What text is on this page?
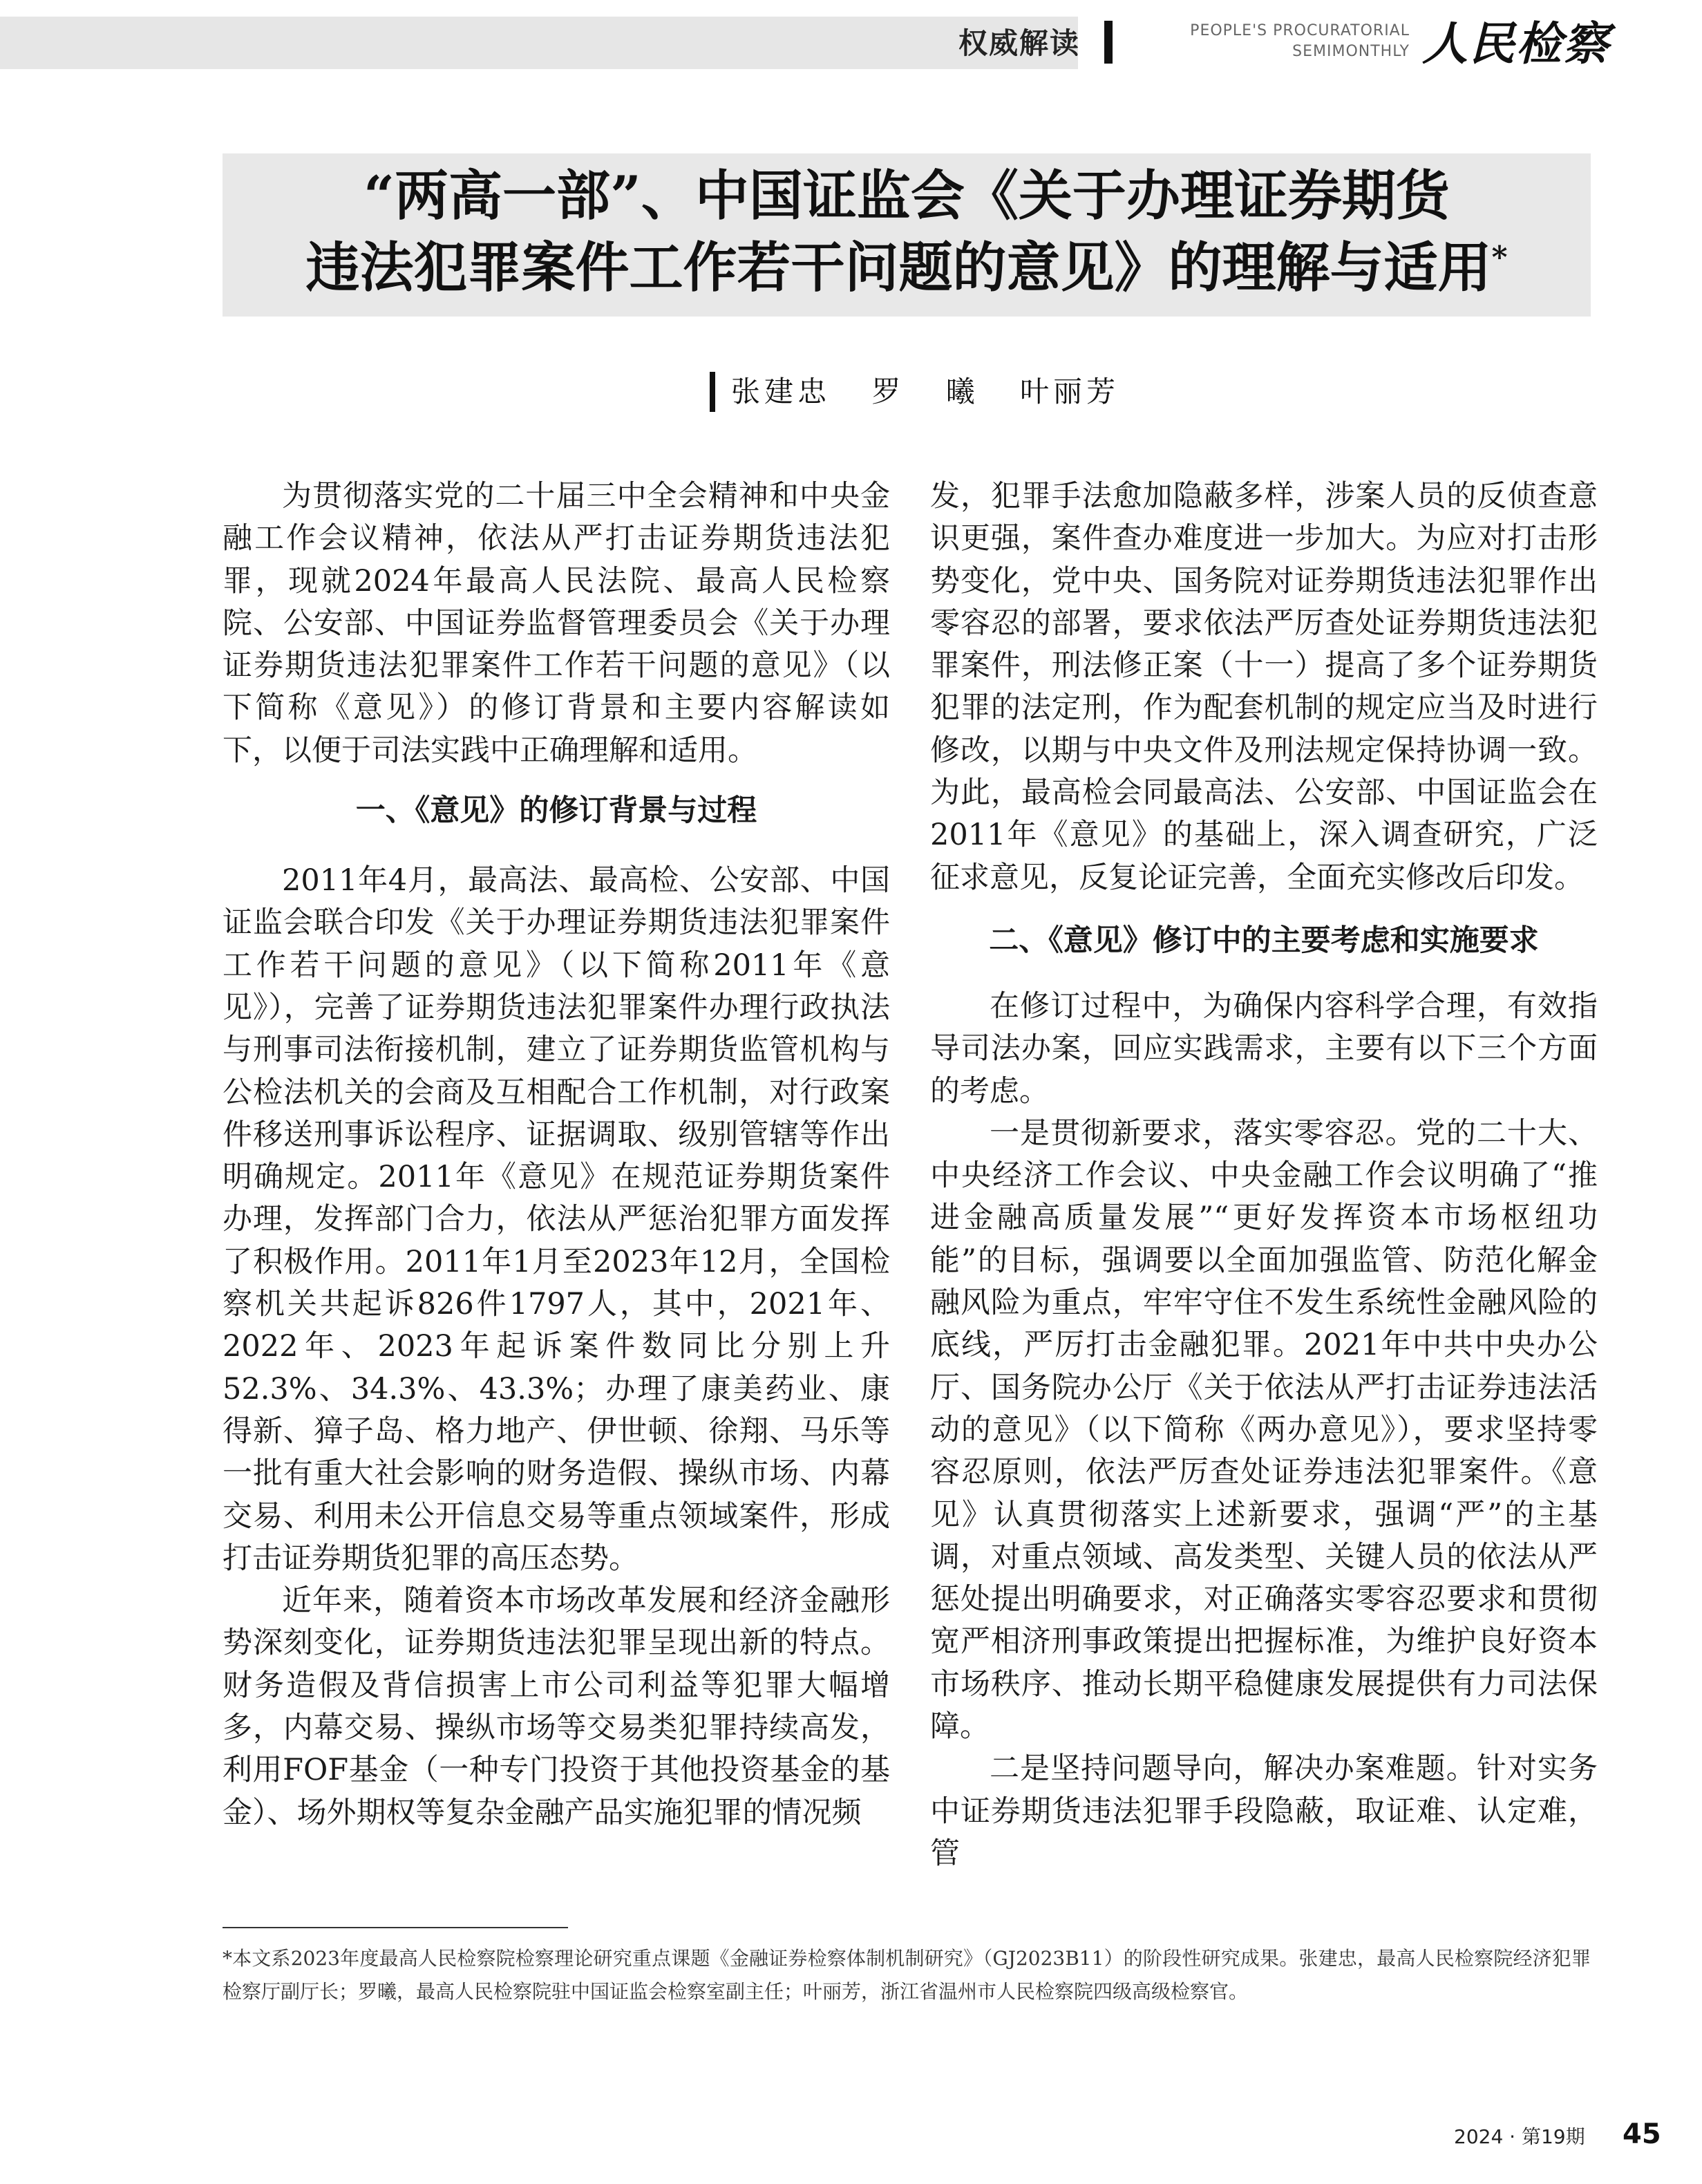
权威解读	PEOPLE'S PROCURATORIAL
SEMIMONTHLY 人民检察
“两高一部”、中国证监会《关于办理证券期货
违法犯罪案件工作若干问题的意见》的理解与适用*
张建忠 罗 曦 叶丽芳

为贯彻落实党的二十届三中全会精神和中央金融工作会议精神，依法从严打击证券期货违法犯罪，现就2024年最高人民法院、最高人民检察院、公安部、中国证券监督管理委员会《关于办理证券期货违法犯罪案件工作若干问题的意见》（以下简称《意见》）的修订背景和主要内容解读如下，以便于司法实践中正确理解和适用。

一、《意见》的修订背景与过程

2011年4月，最高法、最高检、公安部、中国证监会联合印发《关于办理证券期货违法犯罪案件工作若干问题的意见》（以下简称2011年《意见》），完善了证券期货违法犯罪案件办理行政执法与刑事司法衔接机制，建立了证券期货监管机构与公检法机关的会商及互相配合工作机制，对行政案件移送刑事诉讼程序、证据调取、级别管辖等作出明确规定。2011年《意见》在规范证券期货案件办理，发挥部门合力，依法从严惩治犯罪方面发挥了积极作用。2011年1月至2023年12月，全国检察机关共起诉826件1797人，其中，2021年、2022年、2023年起诉案件数同比分别上升52.3%、34.3%、43.3%；办理了康美药业、康得新、獐子岛、格力地产、伊世顿、徐翔、马乐等一批有重大社会影响的财务造假、操纵市场、内幕交易、利用未公开信息交易等重点领域案件，形成打击证券期货犯罪的高压态势。

近年来，随着资本市场改革发展和经济金融形势深刻变化，证券期货违法犯罪呈现出新的特点。财务造假及背信损害上市公司利益等犯罪大幅增多，内幕交易、操纵市场等交易类犯罪持续高发，利用FOF基金（一种专门投资于其他投资基金的基金）、场外期权等复杂金融产品实施犯罪的情况频

发，犯罪手法愈加隐蔽多样，涉案人员的反侦查意识更强，案件查办难度进一步加大。为应对打击形势变化，党中央、国务院对证券期货违法犯罪作出零容忍的部署，要求依法严厉查处证券期货违法犯罪案件，刑法修正案（十一）提高了多个证券期货犯罪的法定刑，作为配套机制的规定应当及时进行修改，以期与中央文件及刑法规定保持协调一致。为此，最高检会同最高法、公安部、中国证监会在2011年《意见》的基础上，深入调查研究，广泛征求意见，反复论证完善，全面充实修改后印发。

二、《意见》修订中的主要考虑和实施要求

在修订过程中，为确保内容科学合理，有效指导司法办案，回应实践需求，主要有以下三个方面的考虑。

一是贯彻新要求，落实零容忍。党的二十大、中央经济工作会议、中央金融工作会议明确了“推进金融高质量发展”“更好发挥资本市场枢纽功能”的目标，强调要以全面加强监管、防范化解金融风险为重点，牢牢守住不发生系统性金融风险的底线，严厉打击金融犯罪。2021年中共中央办公厅、国务院办公厅《关于依法从严打击证券违法活动的意见》（以下简称《两办意见》），要求坚持零容忍原则，依法严厉查处证券违法犯罪案件。《意见》认真贯彻落实上述新要求，强调“严”的主基调，对重点领域、高发类型、关键人员的依法从严惩处提出明确要求，对正确落实零容忍要求和贯彻宽严相济刑事政策提出把握标准，为维护良好资本市场秩序、推动长期平稳健康发展提供有力司法保障。

二是坚持问题导向，解决办案难题。针对实务中证券期货违法犯罪手段隐蔽，取证难、认定难，管

*本文系2023年度最高人民检察院检察理论研究重点课题《金融证券检察体制机制研究》（GJ2023B11）的阶段性研究成果。张建忠，最高人民检察院经济犯罪检察厅副厅长；罗曦，最高人民检察院驻中国证监会检察室副主任；叶丽芳，浙江省温州市人民检察院四级高级检察官。
2024 · 第19期 45
